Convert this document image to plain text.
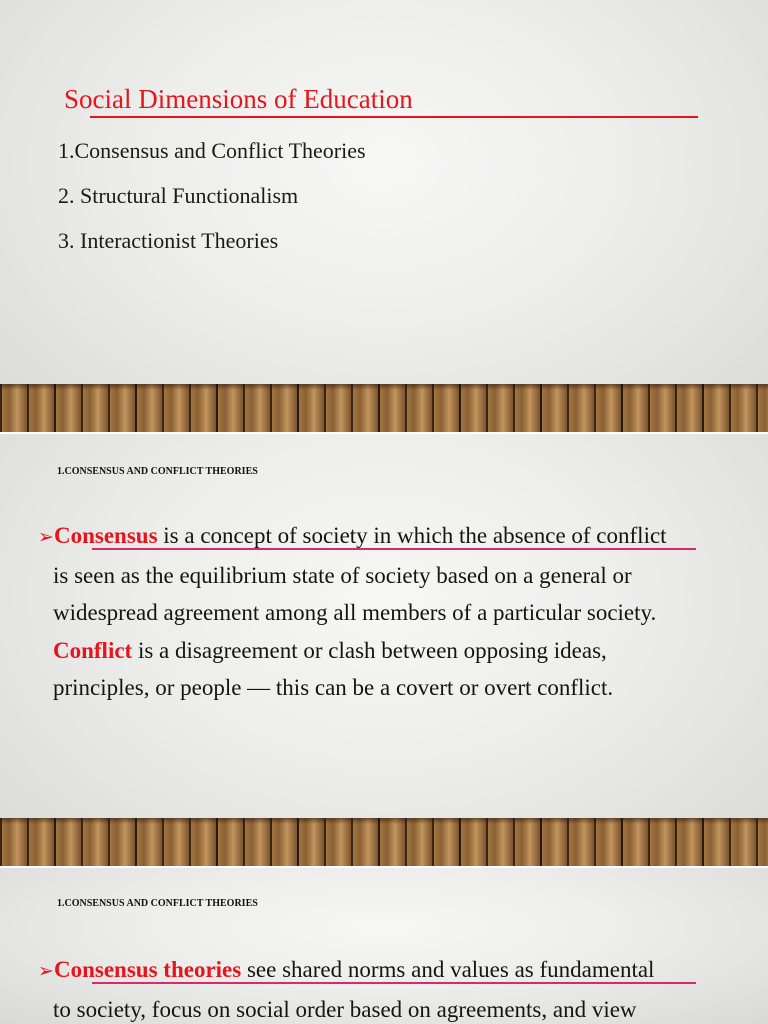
Social Dimensions of Education
1.Consensus and Conflict Theories
2. Structural Functionalism
3. Interactionist Theories
1.CONSENSUS AND CONFLICT THEORIES
➢Consensus is a concept of society in which the absence of conflict
is seen as the equilibrium state of society based on a general or
widespread agreement among all members of a particular society.
Conflict is a disagreement or clash between opposing ideas,
principles, or people — this can be a covert or overt conflict.
1.CONSENSUS AND CONFLICT THEORIES
➢Consensus theories see shared norms and values as fundamental
to society, focus on social order based on agreements, and view
